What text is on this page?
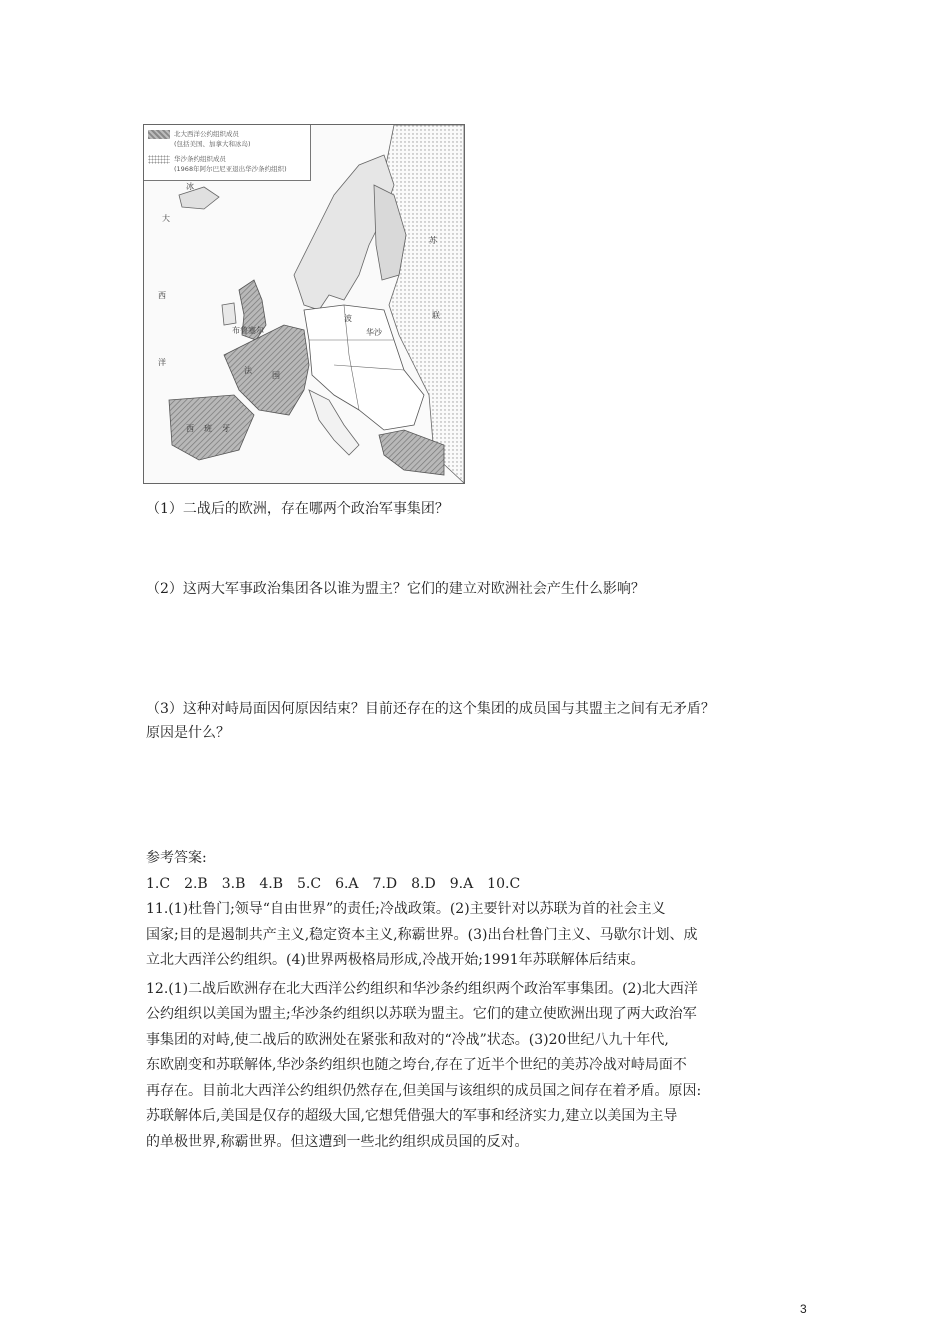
北大西洋公约组织成员
(包括美国、加拿大和冰岛)
华沙条约组织成员
(1968年阿尔巴尼亚退出华沙条约组织)
冰
大
西
洋
布鲁塞尔
波
华沙
苏
联
法
国
西 班 牙
（1）二战后的欧洲，存在哪两个政治军事集团？
（2）这两大军事政治集团各以谁为盟主？它们的建立对欧洲社会产生什么影响？
（3）这种对峙局面因何原因结束？目前还存在的这个集团的成员国与其盟主之间有无矛盾？
原因是什么？

参考答案:

1.C　2.B　3.B　4.B　5.C　6.A　7.D　8.D　9.A　10.C

11.(1)杜鲁门;领导“自由世界”的责任;冷战政策。(2)主要针对以苏联为首的社会主义

国家;目的是遏制共产主义,稳定资本主义,称霸世界。(3)出台杜鲁门主义、马歇尔计划、成

立北大西洋公约组织。(4)世界两极格局形成,冷战开始;1991年苏联解体后结束。

12.(1)二战后欧洲存在北大西洋公约组织和华沙条约组织两个政治军事集团。(2)北大西洋

公约组织以美国为盟主;华沙条约组织以苏联为盟主。它们的建立使欧洲出现了两大政治军

事集团的对峙,使二战后的欧洲处在紧张和敌对的“冷战”状态。(3)20世纪八九十年代,

东欧剧变和苏联解体,华沙条约组织也随之垮台,存在了近半个世纪的美苏冷战对峙局面不

再存在。目前北大西洋公约组织仍然存在,但美国与该组织的成员国之间存在着矛盾。原因:

苏联解体后,美国是仅存的超级大国,它想凭借强大的军事和经济实力,建立以美国为主导

的单极世界,称霸世界。但这遭到一些北约组织成员国的反对。

3
